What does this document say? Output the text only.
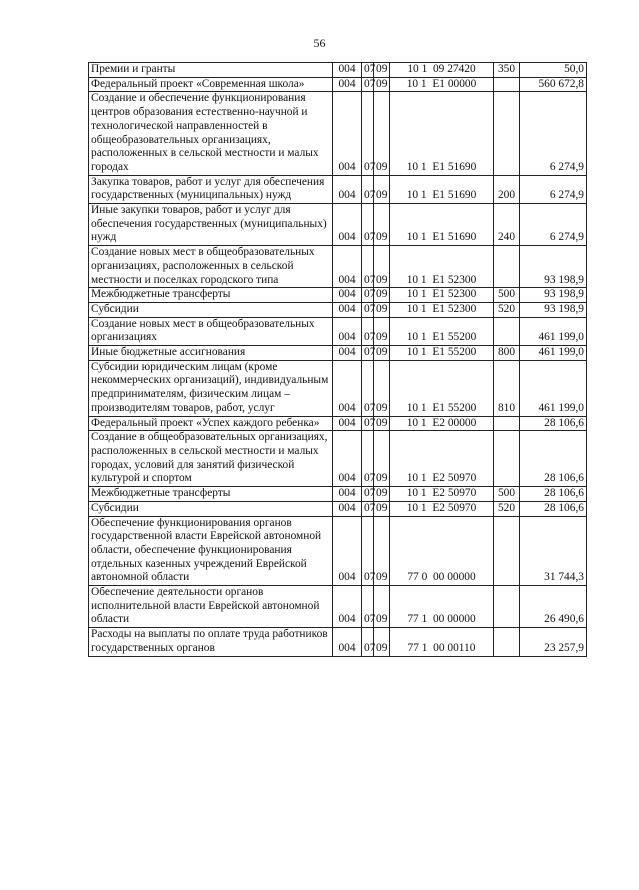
56
Премии и гранты	004	07	09	10 1  09 27420	350	50,0
Федеральный проект «Современная школа»	004	07	09	10 1  E1 00000		560 672,8
Создание и обеспечение функционирования центров образования естественно-научной и технологической направленностей в общеобразовательных организациях, расположенных в сельской местности и малых городах	004	07	09	10 1  E1 51690		6 274,9
Закупка товаров, работ и услуг для обеспечения государственных (муниципальных) нужд	004	07	09	10 1  E1 51690	200	6 274,9
Иные закупки товаров, работ и услуг для обеспечения государственных (муниципальных) нужд	004	07	09	10 1  E1 51690	240	6 274,9
Создание новых мест в общеобразовательных организациях, расположенных в сельской местности и поселках городского типа	004	07	09	10 1  E1 52300		93 198,9
Межбюджетные трансферты	004	07	09	10 1  E1 52300	500	93 198,9
Субсидии	004	07	09	10 1  E1 52300	520	93 198,9
Создание новых мест в общеобразовательных организациях	004	07	09	10 1  E1 55200		461 199,0
Иные бюджетные ассигнования	004	07	09	10 1  E1 55200	800	461 199,0
Субсидии юридическим лицам (кроме некоммерческих организаций), индивидуальным предпринимателям, физическим лицам – производителям товаров, работ, услуг	004	07	09	10 1  E1 55200	810	461 199,0
Федеральный проект «Успех каждого ребенка»	004	07	09	10 1  E2 00000		28 106,6
Создание в общеобразовательных организациях, расположенных в сельской местности и малых городах, условий для занятий физической культурой и спортом	004	07	09	10 1  E2 50970		28 106,6
Межбюджетные трансферты	004	07	09	10 1  E2 50970	500	28 106,6
Субсидии	004	07	09	10 1  E2 50970	520	28 106,6
Обеспечение функционирования органов государственной власти Еврейской автономной области, обеспечение функционирования отдельных казенных учреждений Еврейской автономной области	004	07	09	77 0  00 00000		31 744,3
Обеспечение деятельности органов исполнительной власти Еврейской автономной области	004	07	09	77 1  00 00000		26 490,6
Расходы на выплаты по оплате труда работников государственных органов	004	07	09	77 1  00 00110		23 257,9
